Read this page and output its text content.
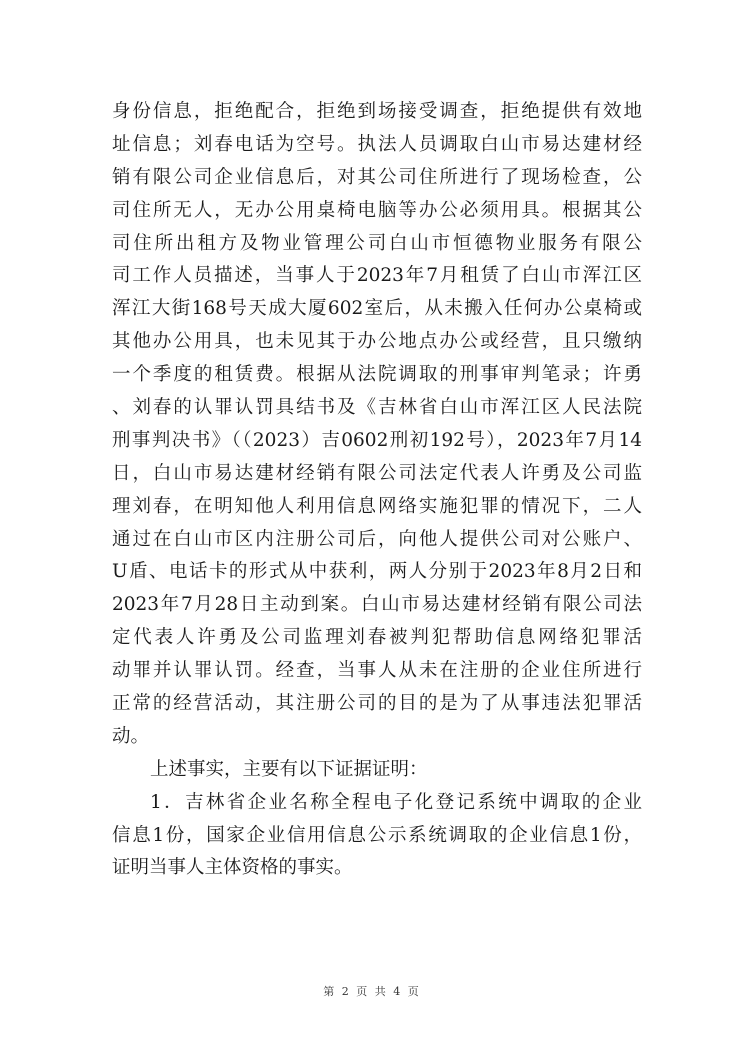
身份信息，拒绝配合，拒绝到场接受调查，拒绝提供有效地
址信息；刘春电话为空号。执法人员调取白山市易达建材经
销有限公司企业信息后，对其公司住所进行了现场检查，公
司住所无人，无办公用桌椅电脑等办公必须用具。根据其公
司住所出租方及物业管理公司白山市恒德物业服务有限公
司工作人员描述，当事人于2023年7月租赁了白山市浑江区
浑江大街168号天成大厦602室后，从未搬入任何办公桌椅或
其他办公用具，也未见其于办公地点办公或经营，且只缴纳
一个季度的租赁费。根据从法院调取的刑事审判笔录；许勇
、刘春的认罪认罚具结书及《吉林省白山市浑江区人民法院
刑事判决书》（（2023）吉0602刑初192号），2023年7月14
日，白山市易达建材经销有限公司法定代表人许勇及公司监
理刘春，在明知他人利用信息网络实施犯罪的情况下，二人
通过在白山市区内注册公司后，向他人提供公司对公账户、
U盾、电话卡的形式从中获利，两人分别于2023年8月2日和
2023年7月28日主动到案。白山市易达建材经销有限公司法
定代表人许勇及公司监理刘春被判犯帮助信息网络犯罪活
动罪并认罪认罚。经查，当事人从未在注册的企业住所进行
正常的经营活动，其注册公司的目的是为了从事违法犯罪活
动。
上述事实，主要有以下证据证明：
1．吉林省企业名称全程电子化登记系统中调取的企业
信息1份，国家企业信用信息公示系统调取的企业信息1份，
证明当事人主体资格的事实。
第 2 页 共 4 页
